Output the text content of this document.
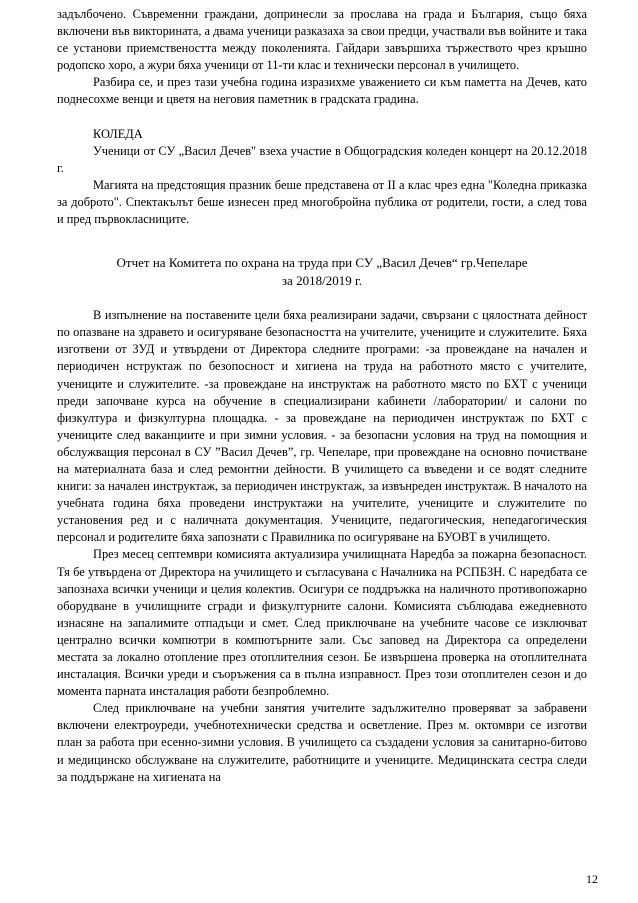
задълбочено. Съвременни граждани, допринесли за прослава на града и България, също бяха включени във викторината, а двама ученици разказаха за свои предци, участвали във войните и така се установи приемствеността между поколенията. Гайдари завършиха тържеството чрез кръшно родопско хоро, а жури бяха ученици от 11-ти клас и технически персонал в училището.

Разбира се, и през тази учебна година изразихме уважението си към паметта на Дечев, като поднесохме венци и цветя на неговия паметник в градската градина.

КОЛЕДА

Ученици от СУ „Васил Дечев" взеха участие в Общоградския коледен концерт на 20.12.2018 г.

Магията на предстоящия празник беше представена от II а клас чрез една "Коледна приказка за доброто". Спектакълът беше изнесен пред многобройна публика от родители, гости, а след това и пред първокласниците.

Отчет на Комитета по охрана на труда при СУ „Васил Дечев“ гр.Чепеларе

за 2018/2019 г.

В изпълнение на поставените цели бяха реализирани задачи, свързани с цялостната дейност по опазване на здравето и осигуряване безопасността на учителите, учениците и служителите. Бяха изготвени от ЗУД и утвърдени от Директора следните програми: -за провеждане на начален и периодичен нструктаж по безопосност и хигиена на труда на работното място с учителите, учениците и служителите. -за провеждане на инструктаж на работното място по БХТ с ученици преди започване курса на обучение в специализирани кабинети /лаборатории/ и салони по физкултура и физкултурна площадка. - за провеждане на периодичен инструктаж по БХТ с учениците след ваканциите и при зимни условия. - за безопасни условия на труд на помощния и обслужващия персонал в СУ ”Васил Дечев”, гр. Чепеларе, при провеждане на основно почистване на материалната база и след ремонтни дейности. В училището са въведени и се водят следните книги: за начален инструктаж, за периодичен инструктаж, за извънреден инструктаж. В началото на учебната година бяха проведени инструктажи на учителите, учениците и служителите по установения ред и с наличната документация. Учениците, педагогическия, непедагогическия персонал и родителите бяха запознати с Правилника по осигуряване на БУОВТ в училището.

През месец септември комисията актуализира училищната Наредба за пожарна безопасност. Тя бе утвърдена от Директора на училището и съгласувана с Началника на РСПБЗН. С наредбата се запознаха всички ученици и целия колектив. Осигури се поддръжка на наличното противопожарно оборудване в училищните сгради и физкултурните салони. Комисията съблюдава ежедневното изнасяне на запалимите отпадъци и смет. След приключване на учебните часове се изключват централно всички компютри в компютърните зали. Със заповед на Директора са определени местата за локално отопление през отоплителния сезон. Бе извършена проверка на отоплителната инсталация. Всички уреди и съоръжения са в пълна изправност. През този отоплителен сезон и до момента парната инсталация работи безпроблемно.

След приключване на учебни занятия учителите задължително проверяват за забравени включени електроуреди, учебнотехнически средства и осветление. През м. октомври се изготви план за работа при есенно-зимни условия. В училището са създадени условия за санитарно-битово и медицинско обслужване на служителите, работниците и учениците. Медицинската сестра следи за поддържане на хигиената на

12
